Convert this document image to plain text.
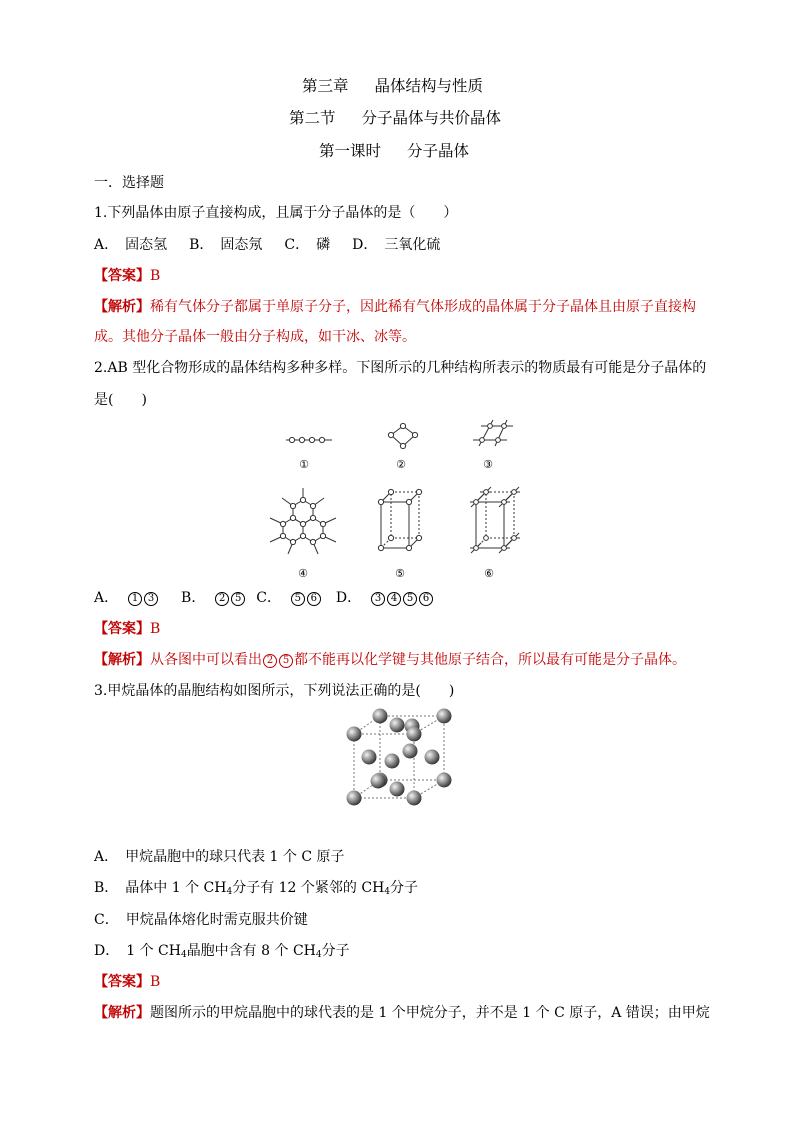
第三章 晶体结构与性质
第二节 分子晶体与共价晶体
第一课时 分子晶体
一．选择题
1.下列晶体由原子直接构成，且属于分子晶体的是（　　）
A．　固态氢 B．　固态氖 C．　磷 D．　三氧化硫
【答案】B
【解析】稀有气体分子都属于单原子分子，因此稀有气体形成的晶体属于分子晶体且由原子直接构
成。其他分子晶体一般由分子构成，如干冰、冰等。
2.AB 型化合物形成的晶体结构多种多样。下图所示的几种结构所表示的物质最有可能是分子晶体的
是(　　)
①	②	③
④	⑤	⑥
A． 1 3 B． 2 5 C． 5 6 D． 3 4 5 6
【答案】B
【解析】从各图中可以看出 2 5 都不能再以化学键与其他原子结合，所以最有可能是分子晶体。
3.甲烷晶体的晶胞结构如图所示，下列说法正确的是(　　)
A．　甲烷晶胞中的球只代表 1 个 C 原子
B．　晶体中 1 个 $CH_4$分子有 12 个紧邻的 $CH_4$分子
C．　甲烷晶体熔化时需克服共价键
D．　1 个 $CH_4$晶胞中含有 8 个 $CH_4$分子
【答案】B
【解析】题图所示的甲烷晶胞中的球代表的是 1 个甲烷分子，并不是 1 个 C 原子，A 错误；由甲烷
